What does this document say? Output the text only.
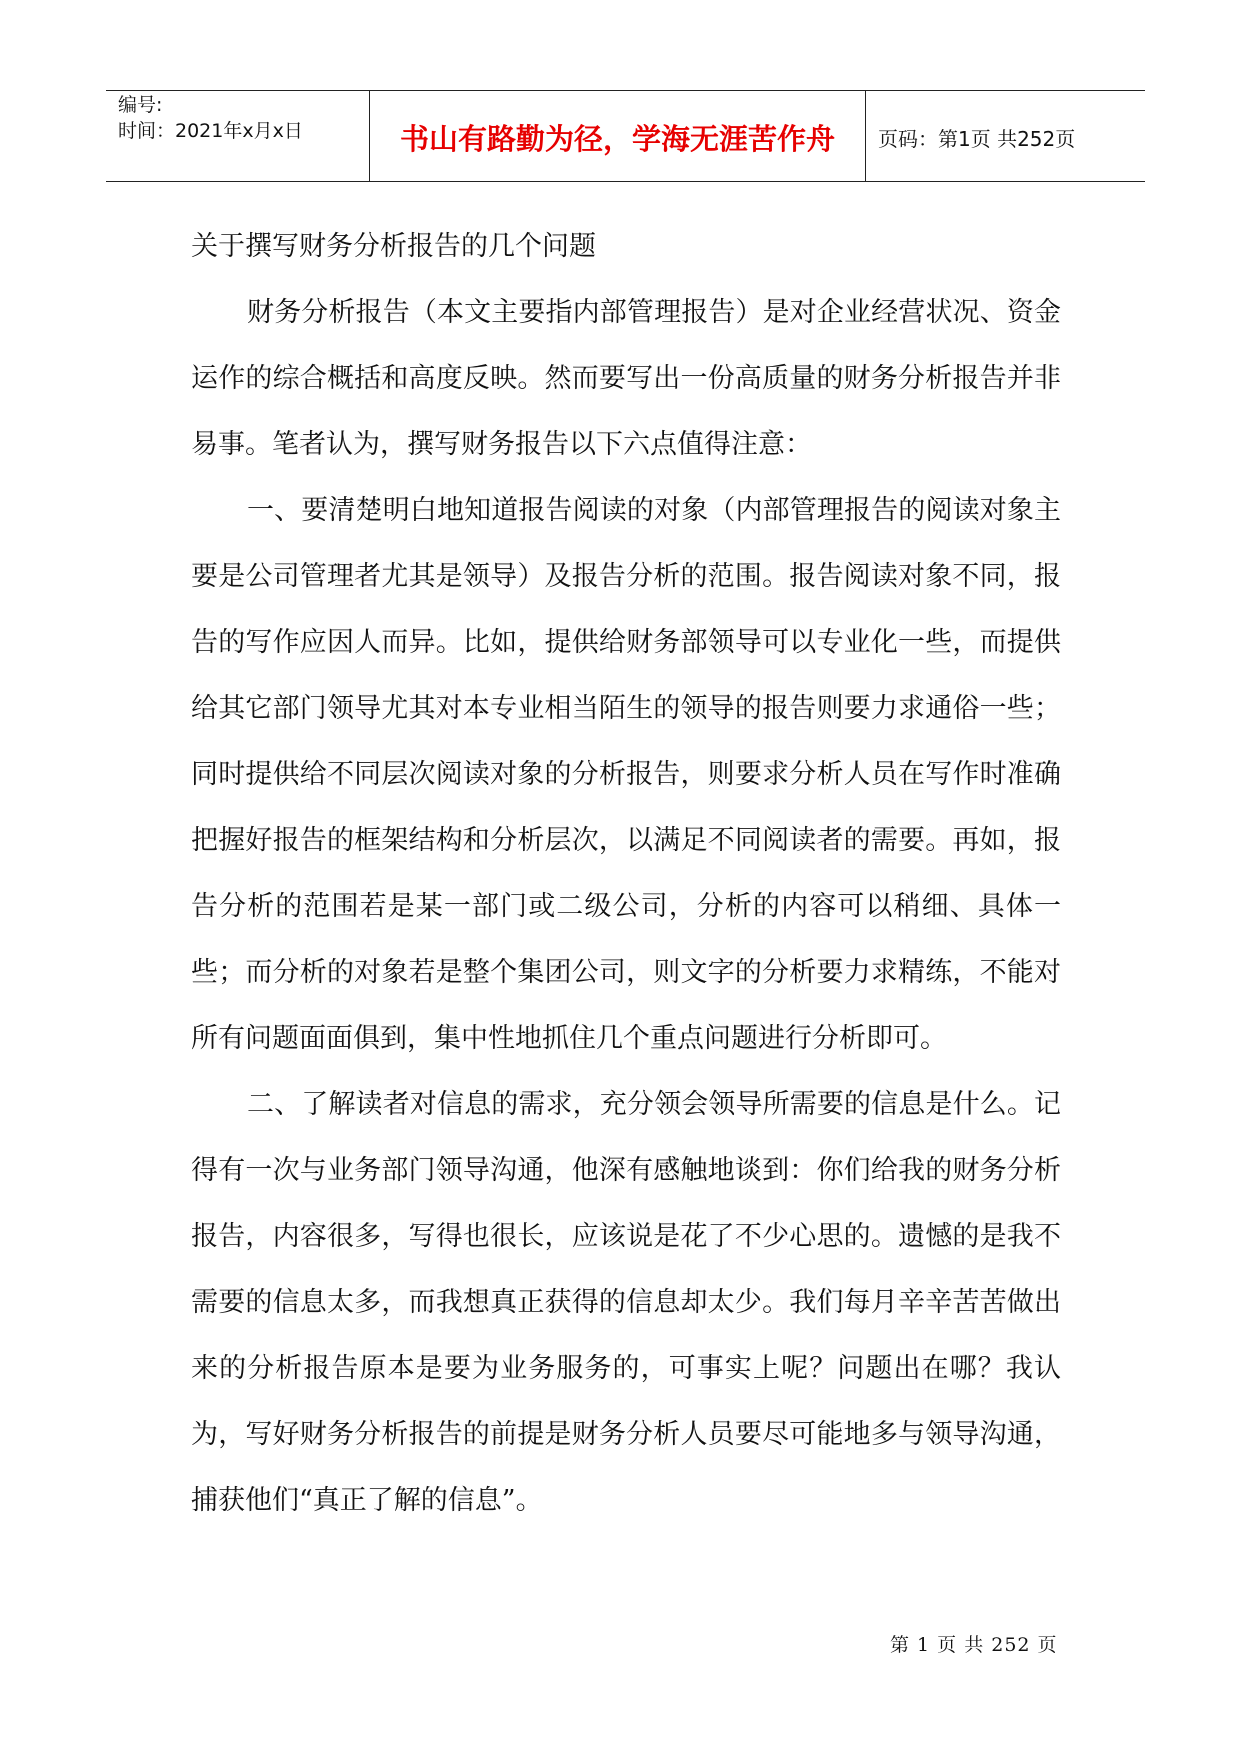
编号:
时间：2021年x月x日	书山有路勤为径，学海无涯苦作舟	页码：第1页 共252页
关于撰写财务分析报告的几个问题

财务分析报告（本文主要指内部管理报告）是对企业经营状况、资金运作的综合概括和高度反映。然而要写出一份高质量的财务分析报告并非易事。笔者认为，撰写财务报告以下六点值得注意：

一、要清楚明白地知道报告阅读的对象（内部管理报告的阅读对象主要是公司管理者尤其是领导）及报告分析的范围。报告阅读对象不同，报告的写作应因人而异。比如，提供给财务部领导可以专业化一些，而提供给其它部门领导尤其对本专业相当陌生的领导的报告则要力求通俗一些；同时提供给不同层次阅读对象的分析报告，则要求分析人员在写作时准确把握好报告的框架结构和分析层次，以满足不同阅读者的需要。再如，报告分析的范围若是某一部门或二级公司，分析的内容可以稍细、具体一些；而分析的对象若是整个集团公司，则文字的分析要力求精练，不能对所有问题面面俱到，集中性地抓住几个重点问题进行分析即可。

二、了解读者对信息的需求，充分领会领导所需要的信息是什么。记得有一次与业务部门领导沟通，他深有感触地谈到：你们给我的财务分析报告，内容很多，写得也很长，应该说是花了不少心思的。遗憾的是我不需要的信息太多，而我想真正获得的信息却太少。我们每月辛辛苦苦做出来的分析报告原本是要为业务服务的，可事实上呢？问题出在哪？我认为，写好财务分析报告的前提是财务分析人员要尽可能地多与领导沟通，捕获他们“真正了解的信息”。

第 1 页 共 252 页
